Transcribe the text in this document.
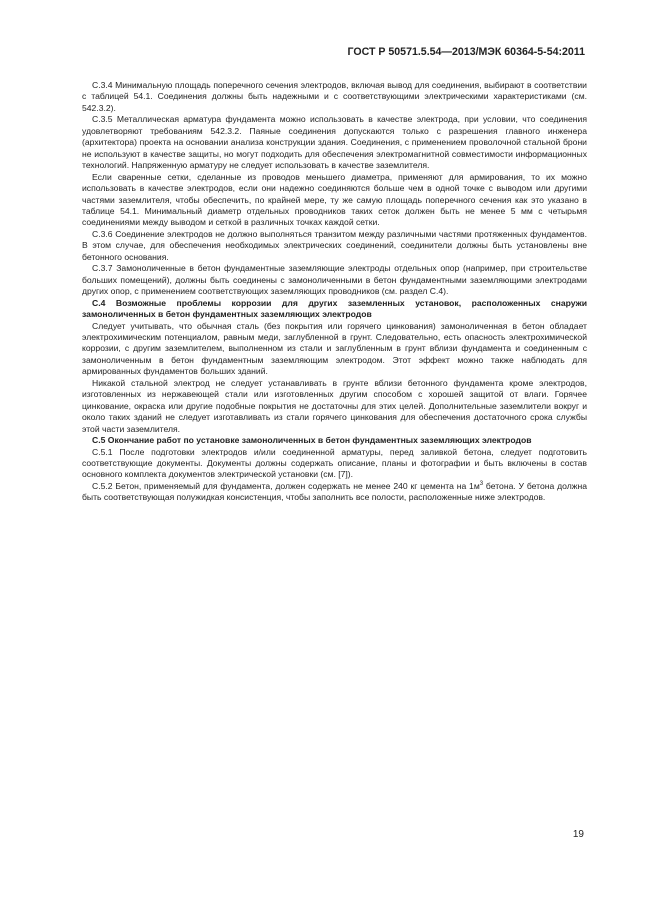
ГОСТ Р 50571.5.54—2013/МЭК 60364-5-54:2011

С.3.4 Минимальную площадь поперечного сечения электродов, включая вывод для соединения, выбирают в соответствии с таблицей 54.1. Соединения должны быть надежными и с соответствующими электрическими характеристиками (см. 542.3.2).

С.3.5 Металлическая арматура фундамента можно использовать в качестве электрода, при условии, что соединения удовлетворяют требованиям 542.3.2. Паяные соединения допускаются только с разрешения главного инженера (архитектора) проекта на основании анализа конструкции здания. Соединения, с применением проволочной стальной брони не используют в качестве защиты, но могут подходить для обеспечения электромагнитной совместимости информационных технологий. Напряженную арматуру не следует использовать в качестве заземлителя.

Если сваренные сетки, сделанные из проводов меньшего диаметра, применяют для армирования, то их можно использовать в качестве электродов, если они надежно соединяются больше чем в одной точке с выводом или другими частями заземлителя, чтобы обеспечить, по крайней мере, ту же самую площадь поперечного сечения как это указано в таблице 54.1. Минимальный диаметр отдельных проводников таких сеток должен быть не менее 5 мм с четырьмя соединениями между выводом и сеткой в различных точках каждой сетки.

С.3.6 Соединение электродов не должно выполняться транзитом между различными частями протяженных фундаментов. В этом случае, для обеспечения необходимых электрических соединений, соединители должны быть установлены вне бетонного основания.

С.3.7 Замоноличенные в бетон фундаментные заземляющие электроды отдельных опор (например, при строительстве больших помещений), должны быть соединены с замоноличенными в бетон фундаментными заземляющими электродами других опор, с применением соответствующих заземляющих проводников (см. раздел С.4).

С.4 Возможные проблемы коррозии для других заземленных установок, расположенных снаружи замоноличенных в бетон фундаментных заземляющих электродов

Следует учитывать, что обычная сталь (без покрытия или горячего цинкования) замоноличенная в бетон обладает электрохимическим потенциалом, равным меди, заглубленной в грунт. Следовательно, есть опасность электрохимической коррозии, с другим заземлителем, выполненном из стали и заглубленным в грунт вблизи фундамента и соединенным с замоноличенным в бетон фундаментным заземляющим электродом. Этот эффект можно также наблюдать для армированных фундаментов больших зданий.

Никакой стальной электрод не следует устанавливать в грунте вблизи бетонного фундамента кроме электродов, изготовленных из нержавеющей стали или изготовленных другим способом с хорошей защитой от влаги. Горячее цинкование, окраска или другие подобные покрытия не достаточны для этих целей. Дополнительные заземлители вокруг и около таких зданий не следует изготавливать из стали горячего цинкования для обеспечения достаточного срока службы этой части заземлителя.

С.5 Окончание работ по установке замоноличенных в бетон фундаментных заземляющих электродов

С.5.1 После подготовки электродов и/или соединенной арматуры, перед заливкой бетона, следует подготовить соответствующие документы. Документы должны содержать описание, планы и фотографии и быть включены в состав основного комплекта документов электрической установки (см. [7]).

С.5.2 Бетон, применяемый для фундамента, должен содержать не менее 240 кг цемента на $1м^3$ бетона. У бетона должна быть соответствующая полужидкая консистенция, чтобы заполнить все полости, расположенные ниже электродов.

19
